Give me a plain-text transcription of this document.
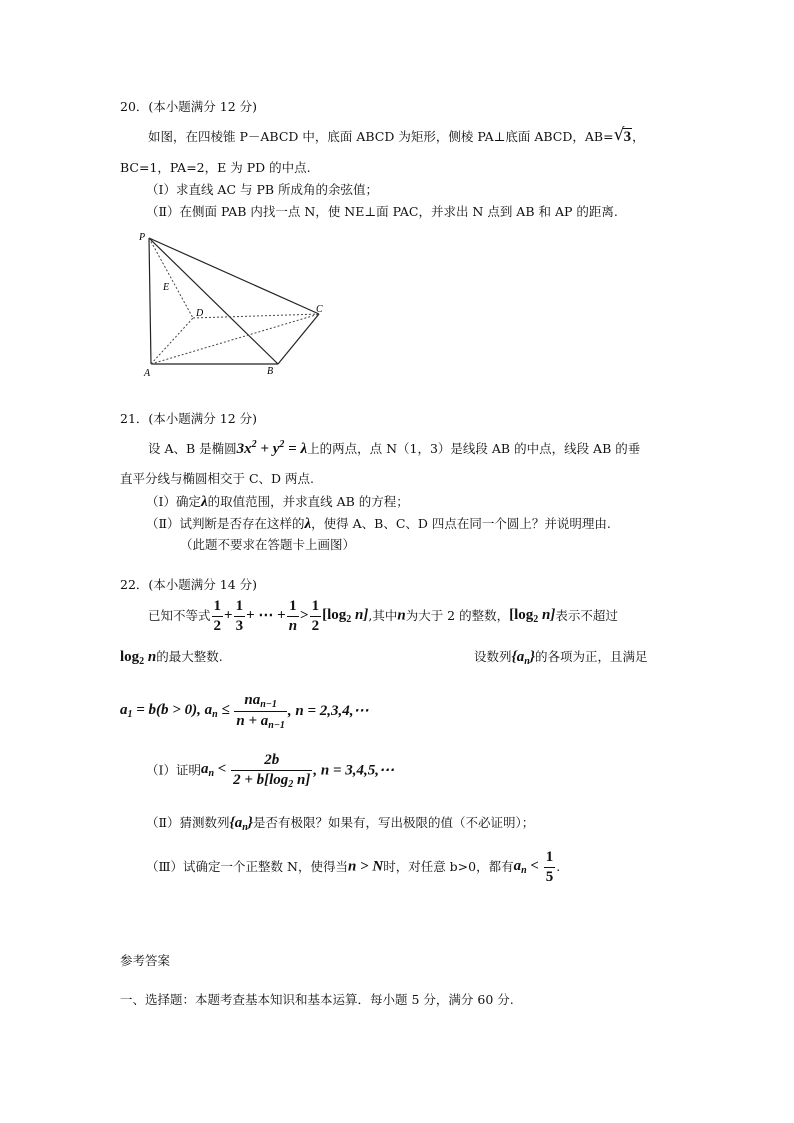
20．(本小题满分 12 分)
如图，在四棱锥 P－ABCD 中，底面 ABCD 为矩形，侧棱 PA⊥底面 ABCD，AB= √ 3，
BC=1，PA=2，E 为 PD 的中点.
（Ⅰ）求直线 AC 与 PB 所成角的余弦值；
（Ⅱ）在侧面 PAB 内找一点 N，使 NE⊥面 PAC，并求出 N 点到 AB 和 AP 的距离.
P
E
D	C
A	B
21．(本小题满分 12 分)
设 A、B 是椭圆$3x^2 + y^2 = \lambda$上的两点，点 N（1，3）是线段 AB 的中点，线段 AB 的垂
直平分线与椭圆相交于 C、D 两点.
（Ⅰ）确定λ的取值范围，并求直线 AB 的方程；
（Ⅱ）试判断是否存在这样的λ，使得 A、B、C、D 四点在同一个圆上？并说明理由.
（此题不要求在答题卡上画图）
22．(本小题满分 14 分)
已知不等式 $\frac{1}{2} + \frac{1}{3}$ + ⋯ + $\frac{1}{n} > \frac{1}{2} [\log_2$ n],其中n为大于 2 的整数，[$\log_2$ n]表示不超过
$\log_2 n$的最大整数.	设数列$\{a_n\}$的各项为正，且满足
$a_1 = b(b > 0)$, $a_n \le \frac{na_{n-1}}{n + a_{n-1}}$ , n = 2,3,4,⋯
（Ⅰ）证明$a_n < \frac{2b}{2 + b[\log_2 n]}$ , n = 3,4,5,⋯
（Ⅱ）猜测数列$\{a_n\}$是否有极限？如果有，写出极限的值（不必证明）；
（Ⅲ）试确定一个正整数 N，使得当n > N时，对任意 b>0，都有$a_n < \frac{1}{5}$ .
参考答案
一、选择题：本题考查基本知识和基本运算．每小题 5 分，满分 60 分.
